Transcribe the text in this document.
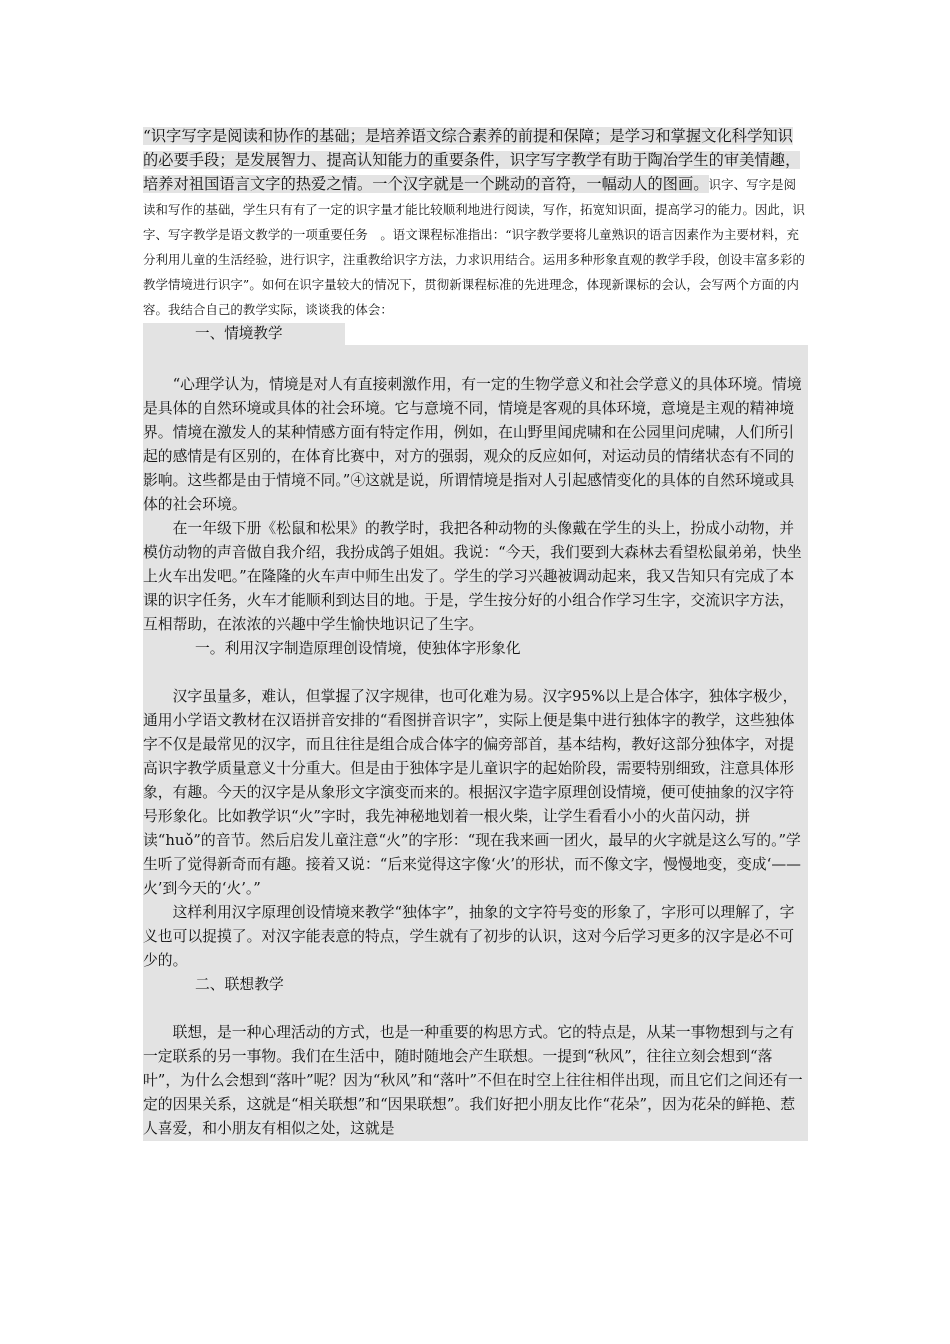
“识字写字是阅读和协作的基础；是培养语文综合素养的前提和保障；是学习和掌握文化科学知识的必要手段；是发展智力、提高认知能力的重要条件，识字写字教学有助于陶冶学生的审美情趣，培养对祖国语言文字的热爱之情。一个汉字就是一个跳动的音符，一幅动人的图画。识字、写字是阅读和写作的基础，学生只有有了一定的识字量才能比较顺利地进行阅读，写作，拓宽知识面，提高学习的能力。因此，识字、写字教学是语文教学的一项重要任务　。语文课程标准指出：“识字教学要将儿童熟识的语言因素作为主要材料，充分利用儿童的生活经验，进行识字，注重教给识字方法，力求识用结合。运用多种形象直观的教学手段，创设丰富多彩的教学情境进行识字”。如何在识字量较大的情况下，贯彻新课程标准的先进理念，体现新课标的会认，会写两个方面的内容。我结合自己的教学实际，谈谈我的体会：
一、情境教学

“心理学认为，情境是对人有直接刺激作用，有一定的生物学意义和社会学意义的具体环境。情境是具体的自然环境或具体的社会环境。它与意境不同，情境是客观的具体环境，意境是主观的精神境界。情境在激发人的某种情感方面有特定作用，例如，在山野里闻虎啸和在公园里问虎啸，人们所引起的感情是有区别的，在体育比赛中，对方的强弱，观众的反应如何，对运动员的情绪状态有不同的影响。这些都是由于情境不同。”④这就是说，所谓情境是指对人引起感情变化的具体的自然环境或具体的社会环境。

在一年级下册《松鼠和松果》的教学时，我把各种动物的头像戴在学生的头上，扮成小动物，并模仿动物的声音做自我介绍，我扮成鸽子姐姐。我说：“今天，我们要到大森林去看望松鼠弟弟，快坐上火车出发吧。”在隆隆的火车声中师生出发了。学生的学习兴趣被调动起来，我又告知只有完成了本课的识字任务，火车才能顺利到达目的地。于是，学生按分好的小组合作学习生字，交流识字方法，互相帮助，在浓浓的兴趣中学生愉快地识记了生字。

一。利用汉字制造原理创设情境，使独体字形象化

汉字虽量多，难认，但掌握了汉字规律，也可化难为易。汉字95%以上是合体字，独体字极少，通用小学语文教材在汉语拼音安排的“看图拼音识字”，实际上便是集中进行独体字的教学，这些独体字不仅是最常见的汉字，而且往往是组合成合体字的偏旁部首，基本结构，教好这部分独体字，对提高识字教学质量意义十分重大。但是由于独体字是儿童识字的起始阶段，需要特别细致，注意具体形象，有趣。今天的汉字是从象形文字演变而来的。根据汉字造字原理创设情境，便可使抽象的汉字符号形象化。比如教学识“火”字时，我先神秘地划着一根火柴，让学生看看小小的火苗闪动，拼读“huǒ”的音节。然后启发儿童注意“火”的字形：“现在我来画一团火，最早的火字就是这么写的。”学生听了觉得新奇而有趣。接着又说：“后来觉得这字像‘火’的形状，而不像文字，慢慢地变，变成‘——火’到今天的‘火’。”

这样利用汉字原理创设情境来教学“独体字”，抽象的文字符号变的形象了，字形可以理解了，字义也可以捉摸了。对汉字能表意的特点，学生就有了初步的认识，这对今后学习更多的汉字是必不可少的。

二、联想教学

联想，是一种心理活动的方式，也是一种重要的构思方式。它的特点是，从某一事物想到与之有一定联系的另一事物。我们在生活中，随时随地会产生联想。一提到“秋风”，往往立刻会想到“落叶”，为什么会想到“落叶”呢？因为“秋风”和“落叶”不但在时空上往往相伴出现，而且它们之间还有一定的因果关系，这就是“相关联想”和“因果联想”。我们好把小朋友比作“花朵”，因为花朵的鲜艳、惹人喜爱，和小朋友有相似之处，这就是
